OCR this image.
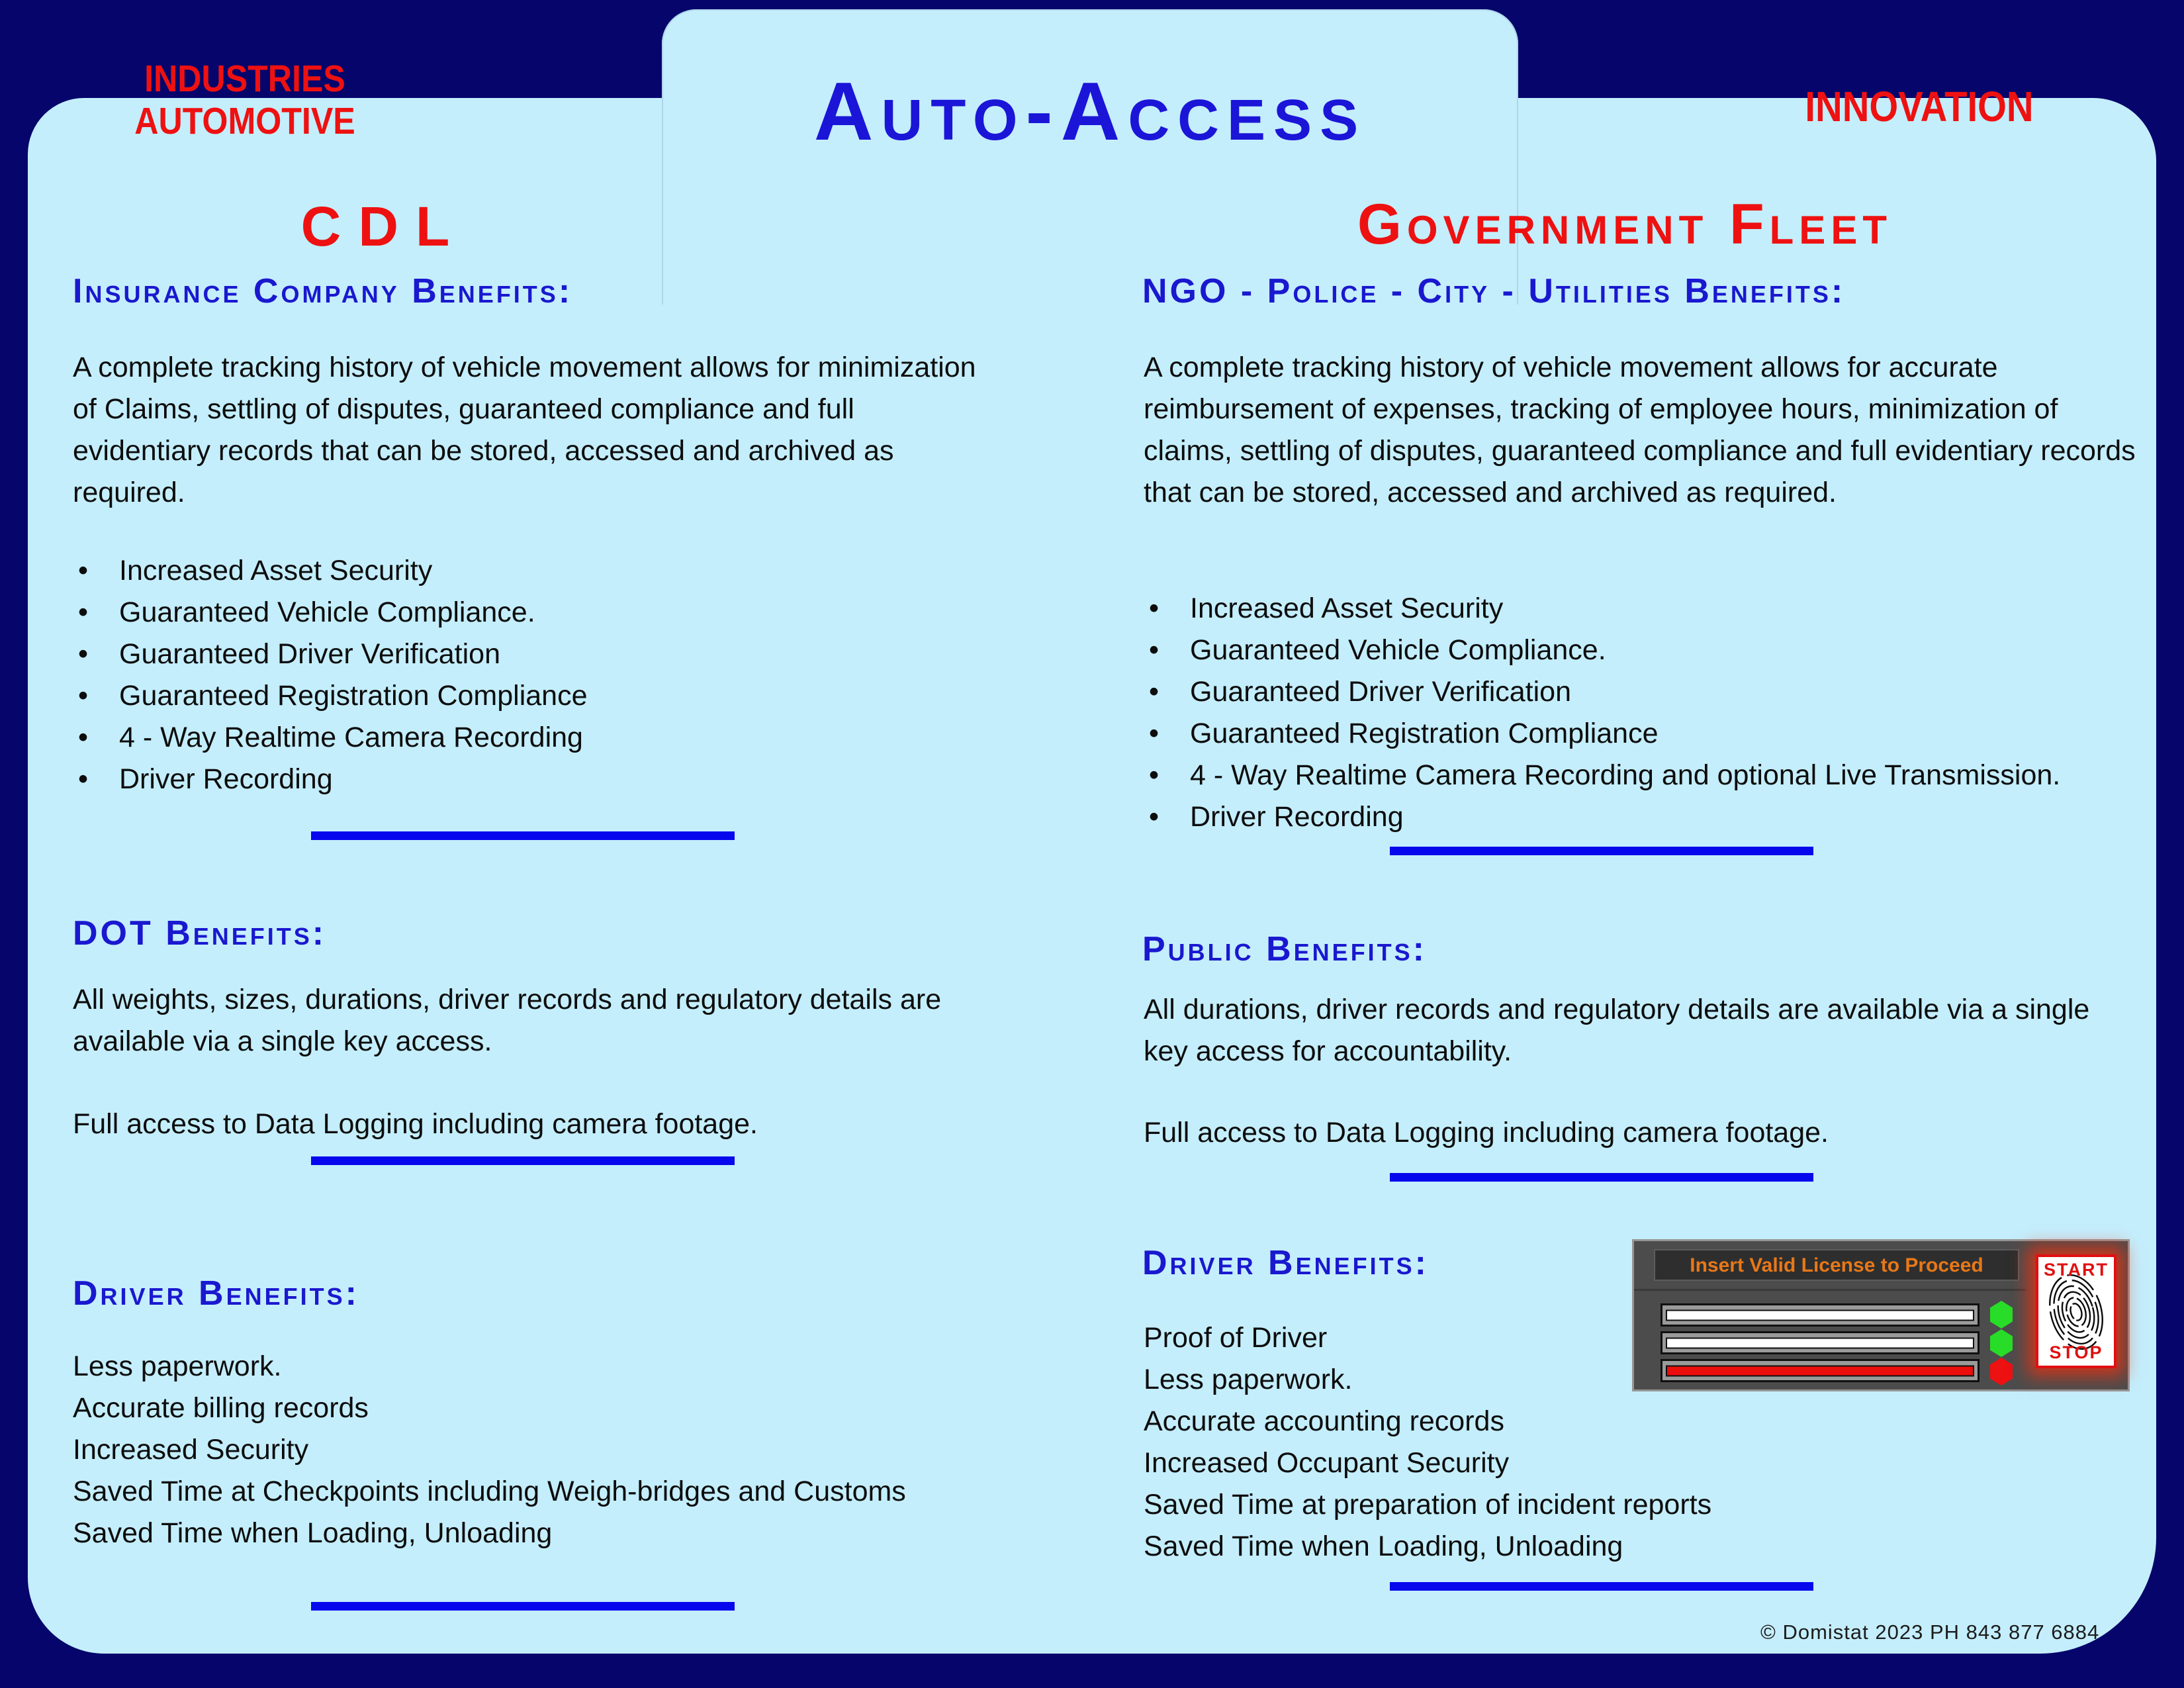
Auto-Access
INDUSTRIES
AUTOMOTIVE	INNOVATION
CDL
Insurance Company Benefits:
A complete tracking history of vehicle movement allows for minimization of Claims, settling of disputes, guaranteed compliance and full evidentiary records that can be stored, accessed and archived as required.
•	Increased Asset Security
•	Guaranteed Vehicle Compliance.
•	Guaranteed Driver Verification
•	Guaranteed Registration Compliance
•	4 - Way Realtime Camera Recording
•	Driver Recording
DOT Benefits:
All weights, sizes, durations, driver records and regulatory details are available via a single key access.
Full access to Data Logging including camera footage.
Driver Benefits:
Less paperwork.
Accurate billing records
Increased Security
Saved Time at Checkpoints including Weigh-bridges and Customs
Saved Time when Loading, Unloading
Government Fleet
NGO - Police - City - Utilities Benefits:
A complete tracking history of vehicle movement allows for accurate reimbursement of expenses, tracking of employee hours, minimization of claims, settling of disputes, guaranteed compliance and full evidentiary records that can be stored, accessed and archived as required.
•	Increased Asset Security
•	Guaranteed Vehicle Compliance.
•	Guaranteed Driver Verification
•	Guaranteed Registration Compliance
•	4 - Way Realtime Camera Recording and optional Live Transmission.
•	Driver Recording
Public Benefits:
All durations, driver records and regulatory details are available via a single key access for accountability.
Full access to Data Logging including camera footage.
Driver Benefits:
Proof of Driver
Less paperwork.
Accurate accounting records
Increased Occupant Security
Saved Time at preparation of incident reports
Saved Time when Loading, Unloading
Insert Valid License to Proceed	START
STOP
© Domistat 2023 PH 843 877 6884
